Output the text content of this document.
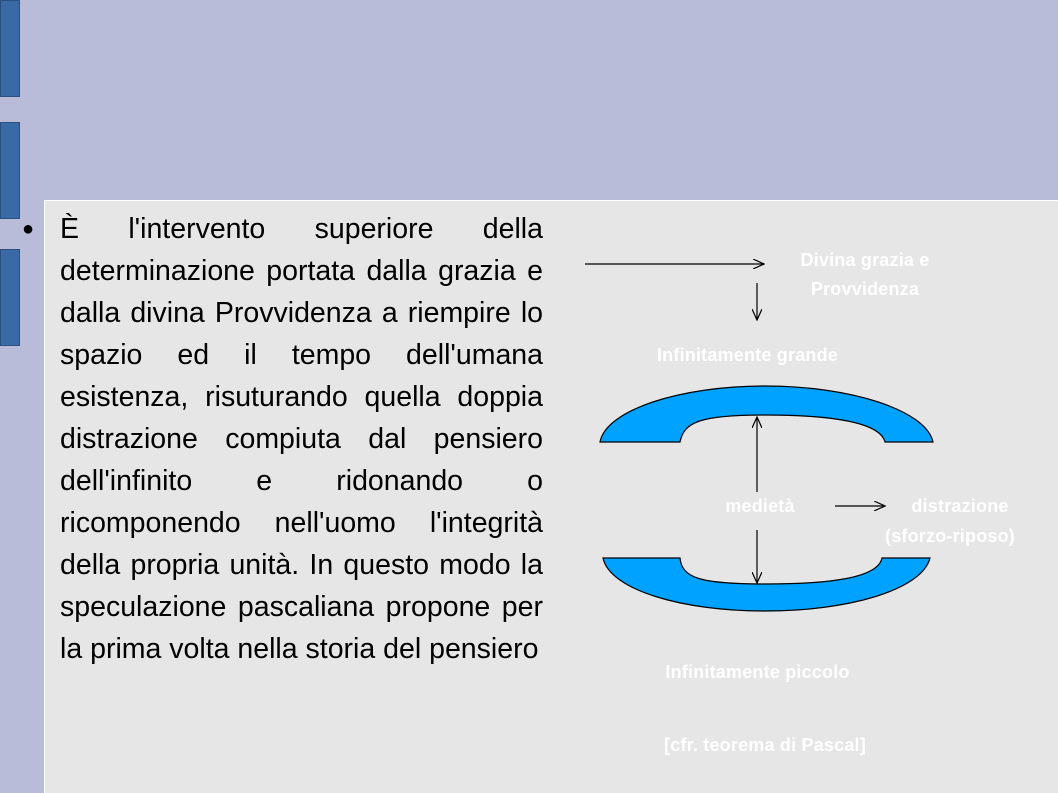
● È l'intervento superiore della determinazione portata dalla grazia e dalla divina Provvidenza a riempire lo spazio ed il tempo dell'umana esistenza, risuturando quella doppia distrazione compiuta dal pensiero dell'infinito e ridonando o ricomponendo nell'uomo l'integrità della propria unità. In questo modo la speculazione pascaliana propone per la prima volta nella storia del pensiero

Divina grazia e
Provvidenza
Infinitamente grande
medietà	distrazione
(sforzo-riposo)
Infinitamente piccolo
[cfr. teorema di Pascal]
